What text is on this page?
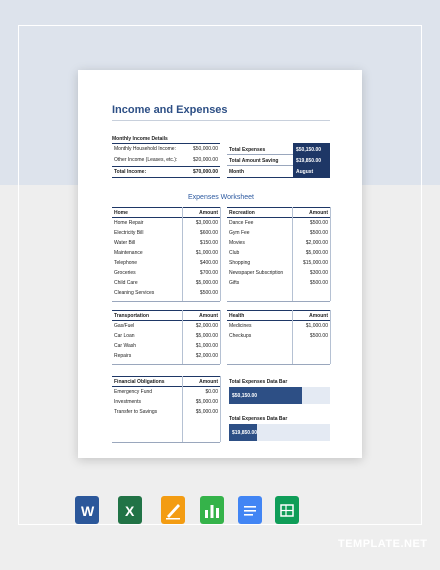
Income and Expenses
Monthly Income Details
Monthly Household Income:	$50,000.00
Other Income (Leases, etc.):	$20,000.00
Total Income:	$70,000.00
Total Expenses	$50,150.00
Total Amount Saving	$19,850.00
Month	August
Expenses Worksheet
Home	Amount
Home Repair	$3,000.00
Electricity Bill	$600.00
Water Bill	$150.00
Maintenance	$1,000.00
Telephone	$400.00
Groceries	$700.00
Child Care	$5,000.00
Cleaning Services	$500.00
Recreation	Amount
Dance Fee	$500.00
Gym Fee	$500.00
Movies	$2,000.00
Club	$5,000.00
Shopping	$15,000.00
Newspaper Subscription	$300.00
Gifts	$500.00
Transportation	Amount
Gas/Fuel	$2,000.00
Car Loan	$5,000.00
Car Wash	$1,000.00
Repairs	$2,000.00
Health	Amount
Medicines	$1,000.00
Checkups	$500.00
Financial Obligations	Amount
Emergency Fund	$0.00
Investments	$5,000.00
Transfer to Savings	$5,000.00
Total Expenses Data Bar
$50,150.00
Total Expenses Data Bar
$19,850.00
W X
TEMPLATE.NET
